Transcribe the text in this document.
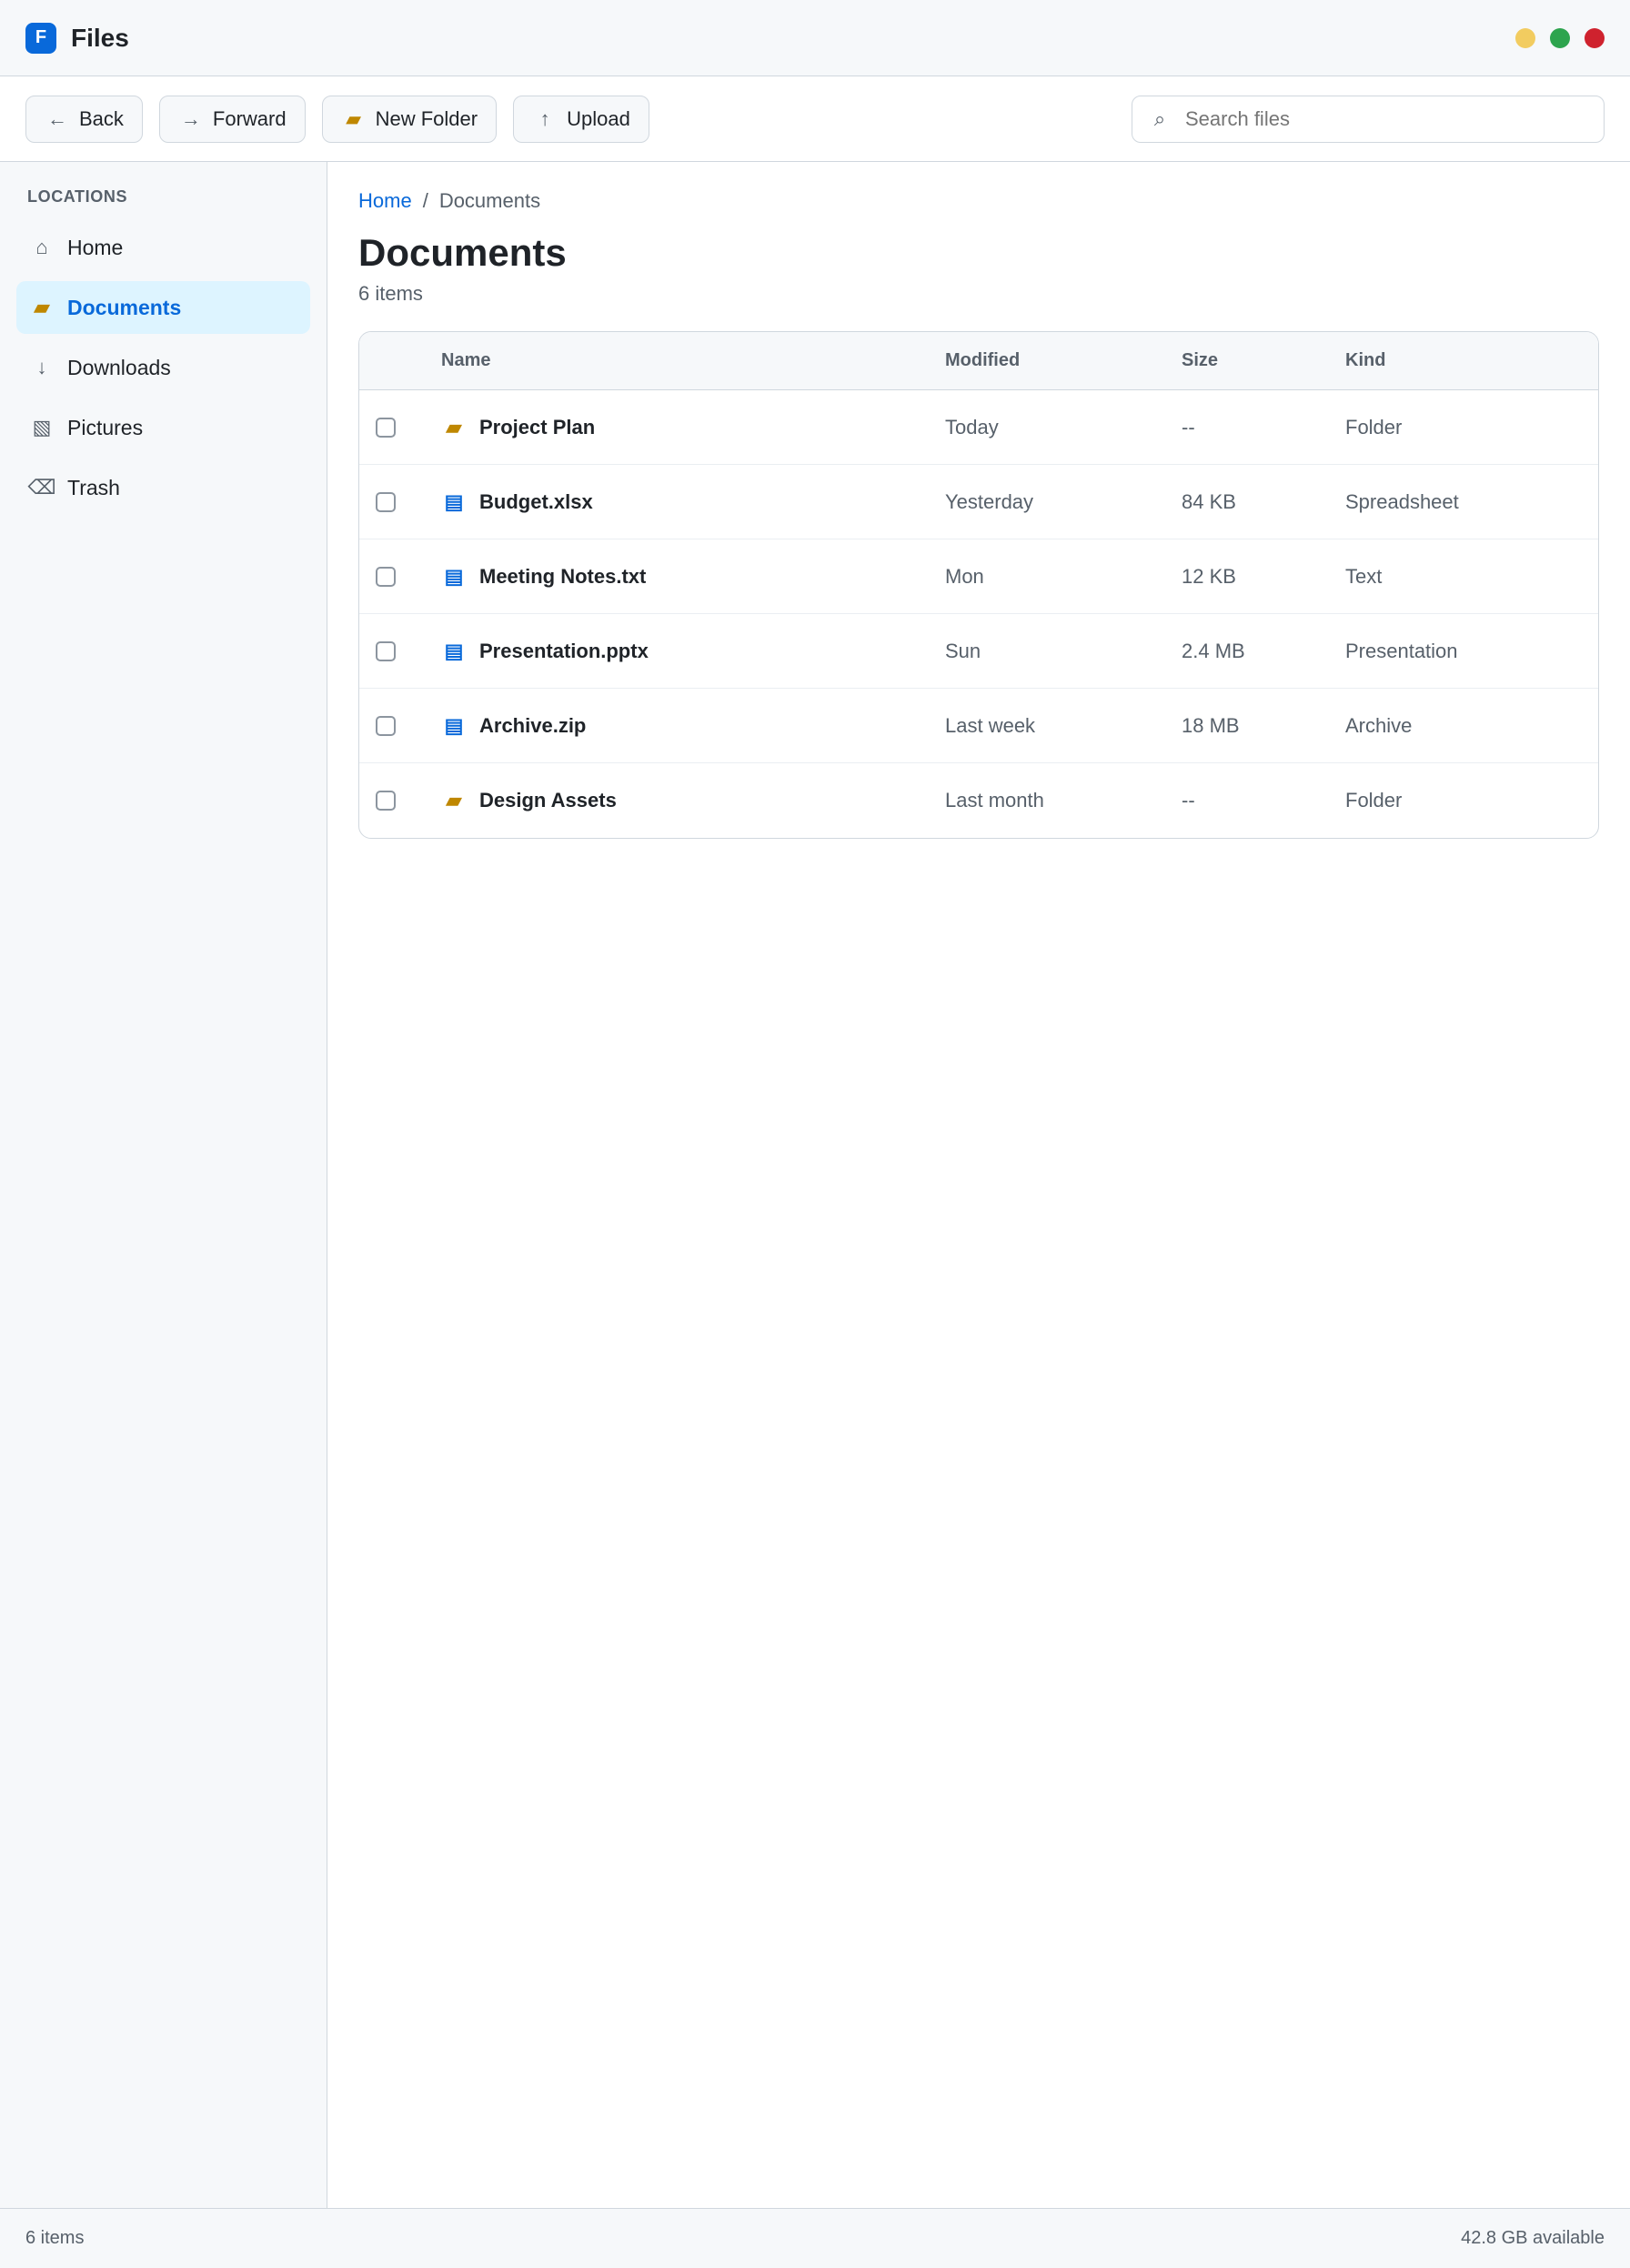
F Files
← Back	→ Forward	▰ New Folder	↑ Upload	⌕
Search files
LOCATIONS
⌂ Home
▰ Documents
↓ Downloads
▧ Pictures
⌫ Trash
Home / Documents
Documents
6 items
Name	Modified	Size	Kind
▰ Project Plan	Today	--	Folder
▤ Budget.xlsx	Yesterday	84 KB	Spreadsheet
▤ Meeting Notes.txt	Mon	12 KB	Text
▤ Presentation.pptx	Sun	2.4 MB	Presentation
▤ Archive.zip	Last week	18 MB	Archive
▰ Design Assets	Last month	--	Folder
6 items	42.8 GB available
